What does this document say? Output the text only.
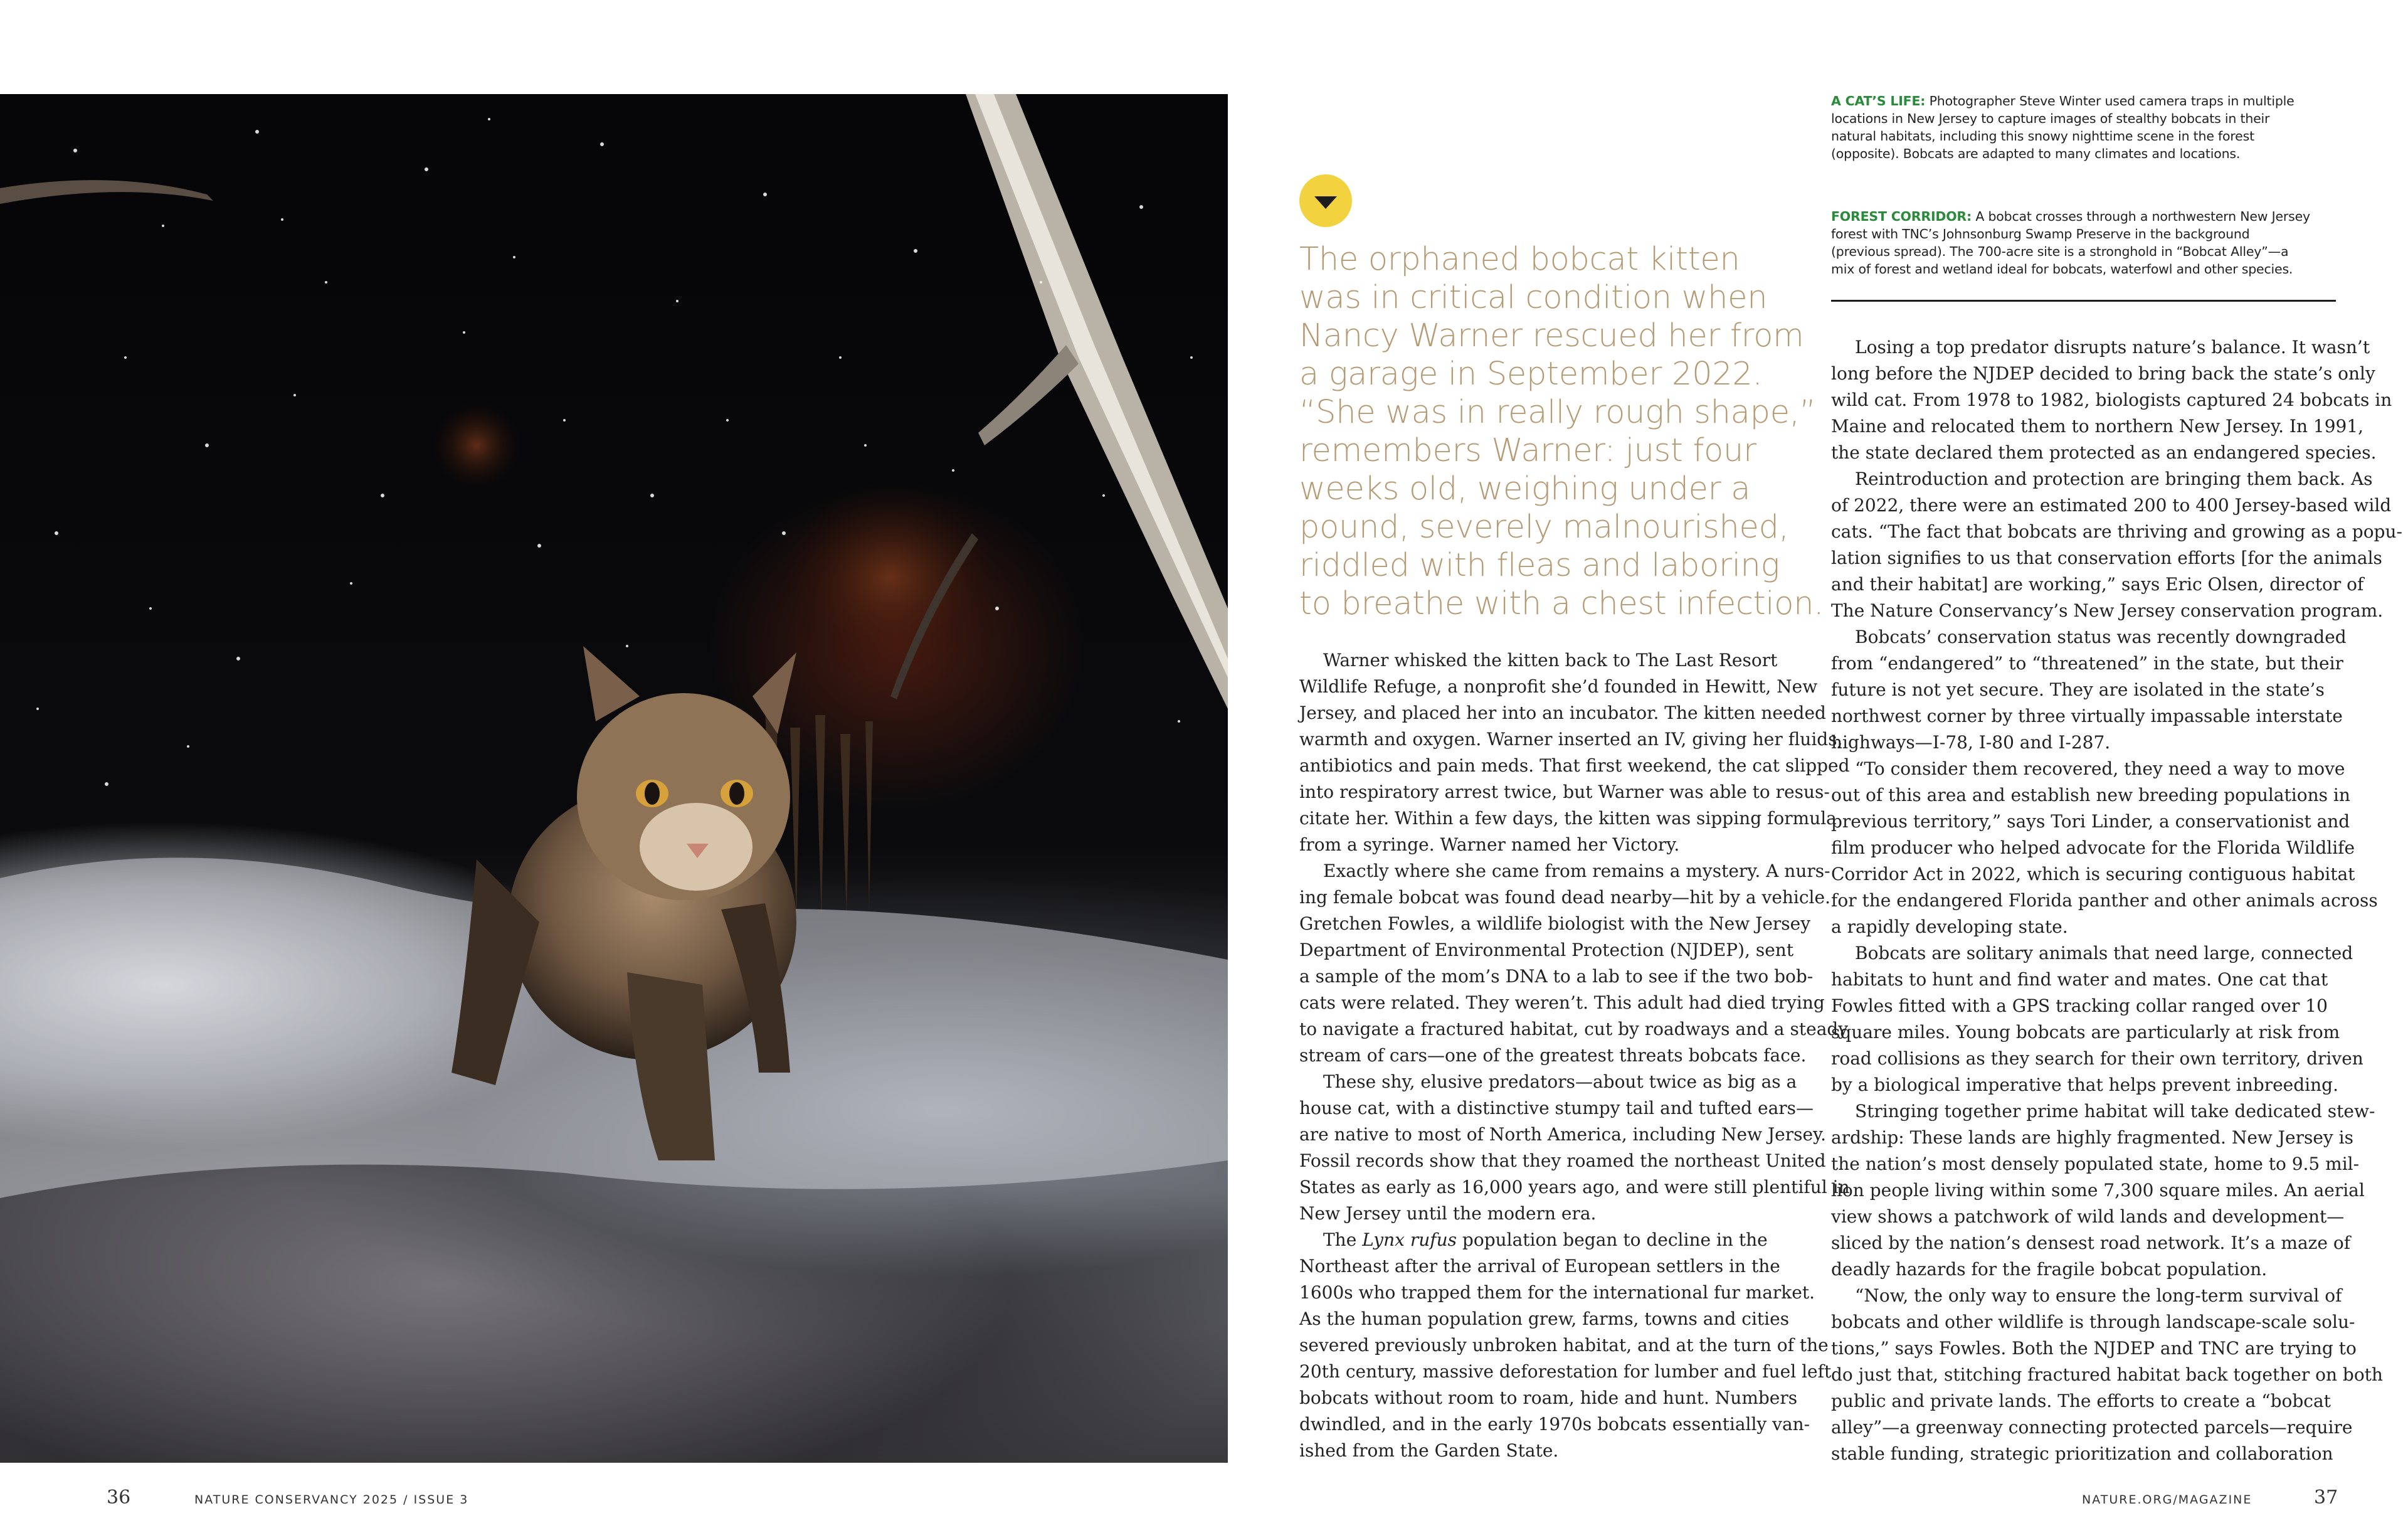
The orphaned bobcat kitten

was in critical condition when

Nancy Warner rescued her from

a garage in September 2022.

“She was in really rough shape,”

remembers Warner: just four

weeks old, weighing under a

pound, severely malnourished,

riddled with fleas and laboring

to breathe with a chest infection.

A CAT’S LIFE: Photographer Steve Winter used camera traps in multiple

locations in New Jersey to capture images of stealthy bobcats in their

natural habitats, including this snowy nighttime scene in the forest

(opposite). Bobcats are adapted to many climates and locations.

FOREST CORRIDOR: A bobcat crosses through a northwestern New Jersey

forest with TNC’s Johnsonburg Swamp Preserve in the background

(previous spread). The 700-acre site is a stronghold in “Bobcat Alley”—a

mix of forest and wetland ideal for bobcats, waterfowl and other species.

Warner whisked the kitten back to The Last Resort

Wildlife Refuge, a nonprofit she’d founded in Hewitt, New

Jersey, and placed her into an incubator. The kitten needed

warmth and oxygen. Warner inserted an IV, giving her fluids,

antibiotics and pain meds. That first weekend, the cat slipped

into respiratory arrest twice, but Warner was able to resus-

citate her. Within a few days, the kitten was sipping formula

from a syringe. Warner named her Victory.

Exactly where she came from remains a mystery. A nurs-

ing female bobcat was found dead nearby—hit by a vehicle.

Gretchen Fowles, a wildlife biologist with the New Jersey

Department of Environmental Protection (NJDEP), sent

a sample of the mom’s DNA to a lab to see if the two bob-

cats were related. They weren’t. This adult had died trying

to navigate a fractured habitat, cut by roadways and a steady

stream of cars—one of the greatest threats bobcats face.

These shy, elusive predators—about twice as big as a

house cat, with a distinctive stumpy tail and tufted ears—

are native to most of North America, including New Jersey.

Fossil records show that they roamed the northeast United

States as early as 16,000 years ago, and were still plentiful in

New Jersey until the modern era.

The Lynx rufus population began to decline in the

Northeast after the arrival of European settlers in the

1600s who trapped them for the international fur market.

As the human population grew, farms, towns and cities

severed previously unbroken habitat, and at the turn of the

20th century, massive deforestation for lumber and fuel left

bobcats without room to roam, hide and hunt. Numbers

dwindled, and in the early 1970s bobcats essentially van-

ished from the Garden State.

Losing a top predator disrupts nature’s balance. It wasn’t

long before the NJDEP decided to bring back the state’s only

wild cat. From 1978 to 1982, biologists captured 24 bobcats in

Maine and relocated them to northern New Jersey. In 1991,

the state declared them protected as an endangered species.

Reintroduction and protection are bringing them back. As

of 2022, there were an estimated 200 to 400 Jersey-based wild

cats. “The fact that bobcats are thriving and growing as a popu-

lation signifies to us that conservation efforts [for the animals

and their habitat] are working,” says Eric Olsen, director of

The Nature Conservancy’s New Jersey conservation program.

Bobcats’ conservation status was recently downgraded

from “endangered” to “threatened” in the state, but their

future is not yet secure. They are isolated in the state’s

northwest corner by three virtually impassable interstate

highways—I-78, I-80 and I-287.

“To consider them recovered, they need a way to move

out of this area and establish new breeding populations in

previous territory,” says Tori Linder, a conservationist and

film producer who helped advocate for the Florida Wildlife

Corridor Act in 2022, which is securing contiguous habitat

for the endangered Florida panther and other animals across

a rapidly developing state.

Bobcats are solitary animals that need large, connected

habitats to hunt and find water and mates. One cat that

Fowles fitted with a GPS tracking collar ranged over 10

square miles. Young bobcats are particularly at risk from

road collisions as they search for their own territory, driven

by a biological imperative that helps prevent inbreeding.

Stringing together prime habitat will take dedicated stew-

ardship: These lands are highly fragmented. New Jersey is

the nation’s most densely populated state, home to 9.5 mil-

lion people living within some 7,300 square miles. An aerial

view shows a patchwork of wild lands and development—

sliced by the nation’s densest road network. It’s a maze of

deadly hazards for the fragile bobcat population.

“Now, the only way to ensure the long-term survival of

bobcats and other wildlife is through landscape-scale solu-

tions,” says Fowles. Both the NJDEP and TNC are trying to

do just that, stitching fractured habitat back together on both

public and private lands. The efforts to create a “bobcat

alley”—a greenway connecting protected parcels—require

stable funding, strategic prioritization and collaboration

36	NATURE CONSERVANCY 2025 / ISSUE 3	NATURE.ORG/MAGAZINE	37
